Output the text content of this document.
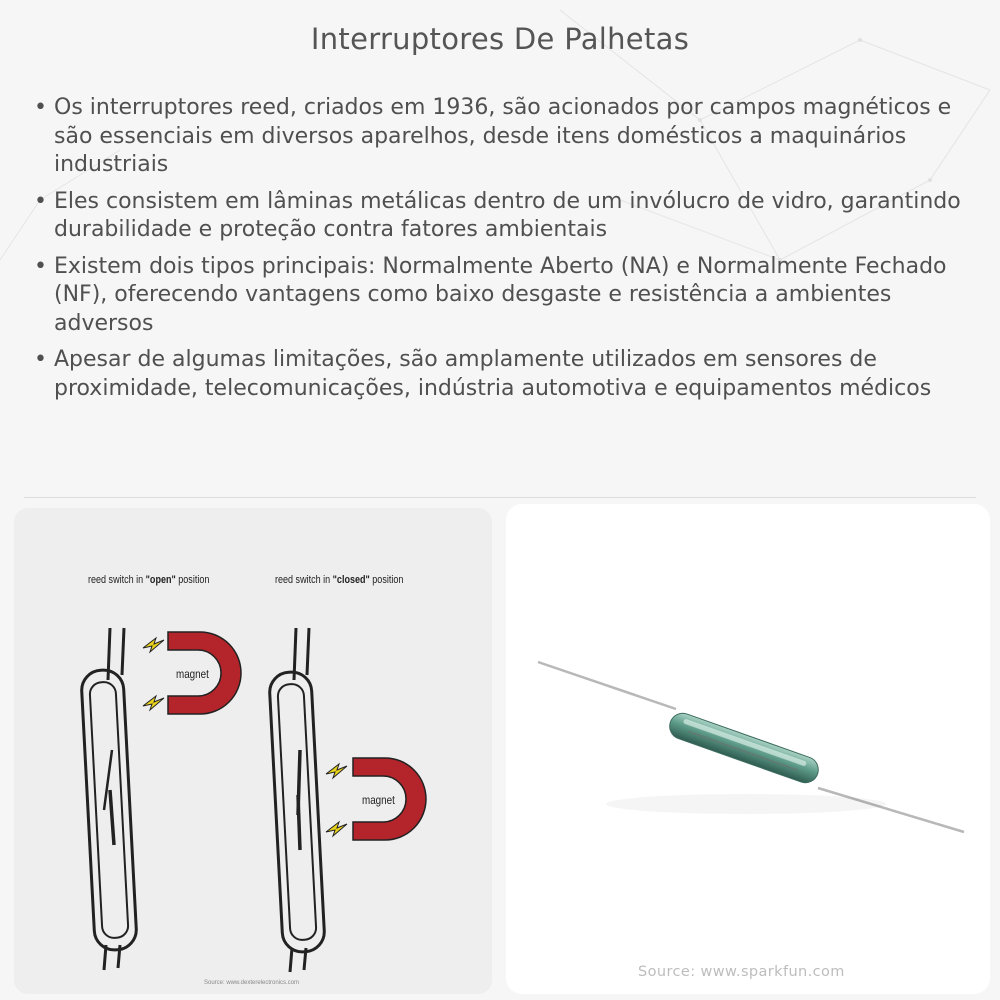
Interruptores De Palhetas
• Os interruptores reed, criados em 1936, são acionados por campos magnéticos e são essenciais em diversos aparelhos, desde itens domésticos a maquinários industriais
• Eles consistem em lâminas metálicas dentro de um invólucro de vidro, garantindo durabilidade e proteção contra fatores ambientais
• Existem dois tipos principais: Normalmente Aberto (NA) e Normalmente Fechado (NF), oferecendo vantagens como baixo desgaste e resistência a ambientes adversos
• Apesar de algumas limitações, são amplamente utilizados em sensores de proximidade, telecomunicações, indústria automotiva e equipamentos médicos
reed switch in "open" position	reed switch in "closed" position
magnet
magnet
Source: www.dexterelectronics.com
Source: www.sparkfun.com
